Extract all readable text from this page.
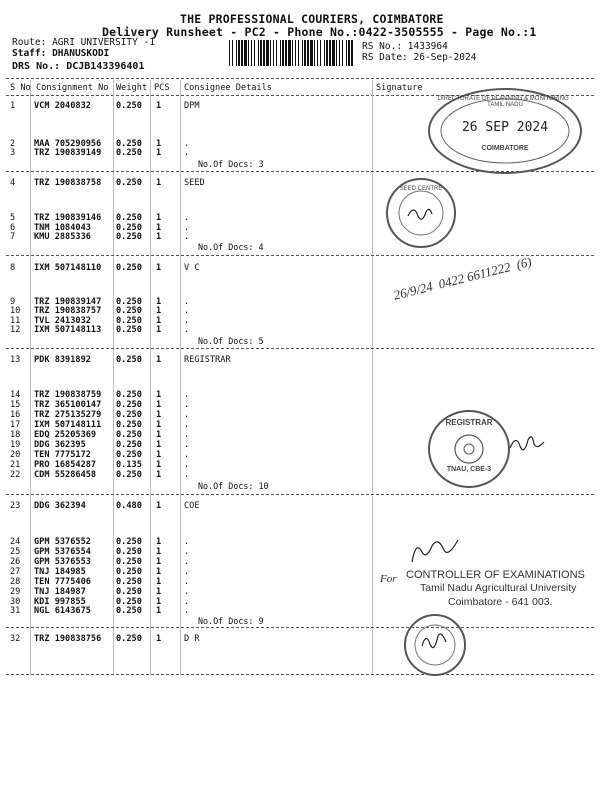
THE PROFESSIONAL COURIERS, COIMBATORE
Delivery Runsheet - PC2 - Phone No.:0422-3505555 - Page No.:1
Route: AGRI UNIVERSITY -1
Staff: DHANUSKODI
DRS No.: DCJB143396401
RS No.: 1433964
RS Date: 26-Sep-2024
S No Consignment No Weight PCS Consignee Details	Signature
1 VCM 2040832	0.250 1	DPM
2 MAA 705290956 0.250 1	.
3 TRZ 190839149 0.250 1	.
No.Of Docs: 3
4 TRZ 190838758 0.250 1	SEED
5 TRZ 190839146 0.250 1	.
6 TNM 1084043	0.250 1	.
7 KMU 2885336	0.250 1	.
No.Of Docs: 4
8 IXM 507148110 0.250 1	V C
9 TRZ 190839147 0.250 1	.
10 TRZ 190838757 0.250 1	.
11 TVL 2413032	0.250 1	.
12 IXM 507148113 0.250 1	.
No.Of Docs: 5
13 PDK 8391892	0.250 1	REGISTRAR
14 TRZ 190838759 0.250 1	.
15 TRZ 365100147 0.250 1	.
16 TRZ 275135279 0.250 1	.
17 IXM 507148111 0.250 1	.
18 EDQ 25205369 0.250 1	.
19 DDG 362395	0.250 1	.
20 TEN 7775172	0.250 1	.
21 PRO 16854287 0.135 1	.
22 CDM 55286458 0.250 1	.
No.Of Docs: 10
23 DDG 362394	0.480 1	COE
24 GPM 5376552	0.250 1	.
25 GPM 5376554	0.250 1	.
26 GPM 5376553	0.250 1	.
27 TNJ 184985	0.250 1	.
28 TEN 7775406	0.250 1	.
29 TNJ 184987	0.250 1	.
30 KDI 997855	0.250 1	.
31 NGL 6143675	0.250 1	.
No.Of Docs: 9
32 TRZ 190838756 0.250 1	D R
DIRECTORATE OF PLANNING & MONITORING · TAMIL NADU
26 SEP 2024
COIMBATORE
SEED CENTRE
26/9/24  0422 6611222  (6)
REGISTRAR
TNAU, CBE-3
For CONTROLLER OF EXAMINATIONS
Tamil Nadu Agricultural University
Coimbatore - 641 003.
